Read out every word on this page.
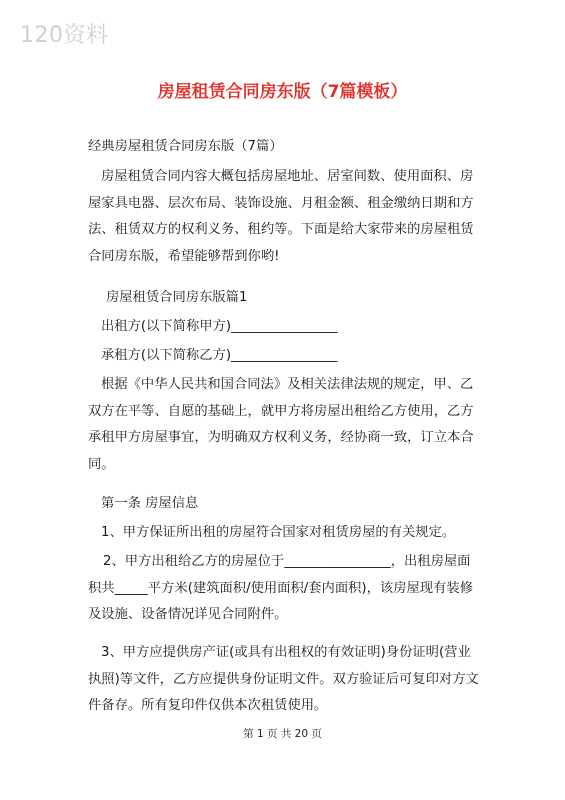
120资料
房屋租赁合同房东版（7篇模板）

经典房屋租赁合同房东版（7篇）

房屋租赁合同内容大概包括房屋地址、居室间数、使用面积、房屋家具电器、层次布局、装饰设施、月租金额、租金缴纳日期和方法、租赁双方的权利义务、租约等。下面是给大家带来的房屋租赁合同房东版，希望能够帮到你哟!

房屋租赁合同房东版篇1

出租方(以下简称甲方)________________

承租方(以下简称乙方)________________

根据《中华人民共和国合同法》及相关法律法规的规定，甲、乙双方在平等、自愿的基础上，就甲方将房屋出租给乙方使用，乙方承租甲方房屋事宜，为明确双方权利义务，经协商一致，订立本合同。

第一条 房屋信息

1、甲方保证所出租的房屋符合国家对租赁房屋的有关规定。

2、甲方出租给乙方的房屋位于________________，出租房屋面积共_____平方米(建筑面积/使用面积/套内面积)，该房屋现有装修及设施、设备情况详见合同附件。

3、甲方应提供房产证(或具有出租权的有效证明)身份证明(营业执照)等文件，乙方应提供身份证明文件。双方验证后可复印对方文件备存。所有复印件仅供本次租赁使用。

第 1 页 共 20 页
